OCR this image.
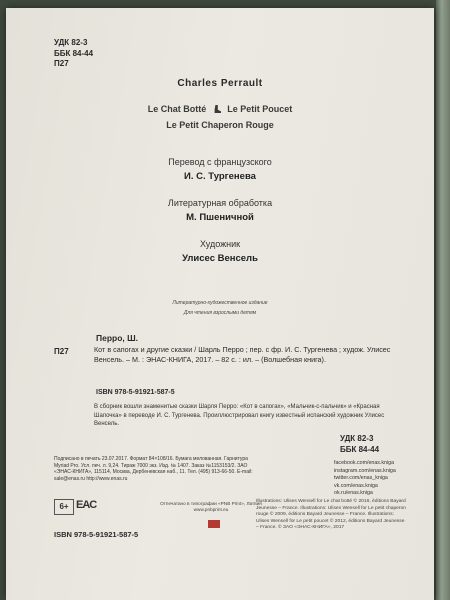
УДК 82-3
ББК 84-44
П27
Charles Perrault
Le Chat Botté Le Petit Poucet
Le Petit Chaperon Rouge
Перевод с французского
И. С. Тургенева
Литературная обработка
М. Пшеничной
Художник
Улисес Венсель
Литературно-художественное издание
Для чтения взрослыми детям
Перро, Ш.
П27	Кот в сапогах и другие сказки / Шарль Перро ; пер. с фр. И. С. Тургенева ; худож. Улисес Венсель. – М. : ЭНАС-КНИГА, 2017. – 82 с. : ил. – (Волшебная книга).
ISBN 978-5-91921-587-5
В сборник вошли знаменитые сказки Шарля Перро: «Кот в сапогах», «Мальчик-с-пальчик» и «Красная Шапочка» в переводе И. С. Тургенева. Проиллюстрировал книгу известный испанский художник Улисес Венсель.
УДК 82-3
ББК 84-44
Подписано в печать 23.07.2017. Формат 84×108/16. Бумага мелованная. Гарнитура Myriad Pro. Усл. печ. л. 9,24. Тираж 7000 экз. Изд. № 1407. Заказ №1153153/2. ЗАО «ЭНАС-КНИГА», 115114, Москва, Дербеневская наб., 11. Тел. (495) 913-66-50. E-mail: sale@enas.ru http://www.enas.ru
facebook.com/enas.kniga
instagram.com/enas.kniga
twitter.com/enas_kniga
vk.com/enas.kniga
ok.ru/enas.kniga
6+ EAC	Отпечатано в типографии «PNB Print», Латвия www.pnbprint.eu
Illustrations: Ulises Wensell for Le chat botté © 2016, éditions Bayard Jeunesse – France. Illustrations: Ulises Wensell for Le petit chaperon rouge © 2009, éditions Bayard Jeunesse – France. Illustrations: Ulises Wensell for Le petit poucet © 2012, éditions Bayard Jeunesse – France. © ЗАО «ЭНАС-КНИГА», 2017
ISBN 978-5-91921-587-5
